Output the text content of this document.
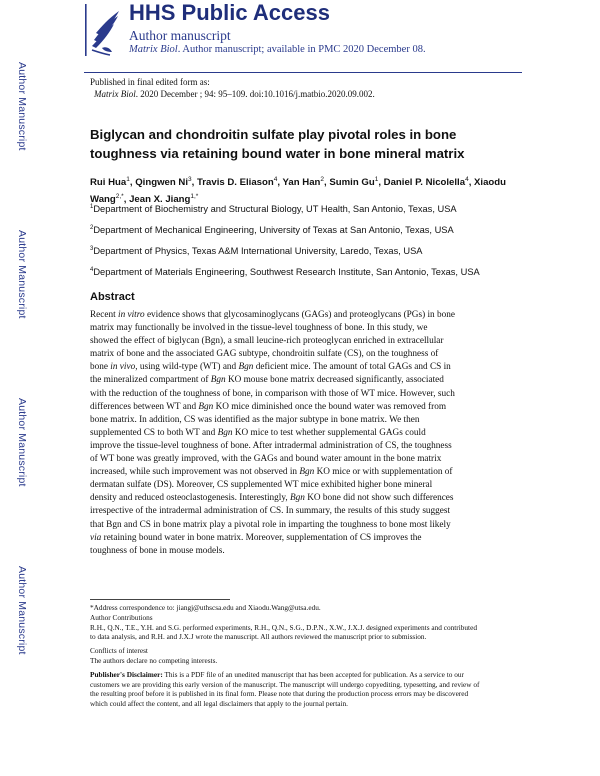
Author Manuscript
Author Manuscript
Author Manuscript
Author Manuscript
HHS Public Access
Author manuscript
Matrix Biol. Author manuscript; available in PMC 2020 December 08.
Published in final edited form as:
Matrix Biol. 2020 December ; 94: 95–109. doi:10.1016/j.matbio.2020.09.002.
Biglycan and chondroitin sulfate play pivotal roles in bone toughness via retaining bound water in bone mineral matrix
Rui Hua$^1$, Qingwen Ni$^3$, Travis D. Eliason$^4$, Yan Han$^2$, Sumin Gu$^1$, Daniel P. Nicolella$^4$, Xiaodu Wang$^{2,*}$, Jean X. Jiang$^{1,*}$
$^1$Department of Biochemistry and Structural Biology, UT Health, San Antonio, Texas, USA
$^2$Department of Mechanical Engineering, University of Texas at San Antonio, Texas, USA
$^3$Department of Physics, Texas A&M International University, Laredo, Texas, USA
$^4$Department of Materials Engineering, Southwest Research Institute, San Antonio, Texas, USA
Abstract
Recent in vitro evidence shows that glycosaminoglycans (GAGs) and proteoglycans (PGs) in bone
matrix may functionally be involved in the tissue-level toughness of bone. In this study, we
showed the effect of biglycan (Bgn), a small leucine-rich proteoglycan enriched in extracellular
matrix of bone and the associated GAG subtype, chondroitin sulfate (CS), on the toughness of
bone in vivo, using wild-type (WT) and Bgn deficient mice. The amount of total GAGs and CS in
the mineralized compartment of Bgn KO mouse bone matrix decreased significantly, associated
with the reduction of the toughness of bone, in comparison with those of WT mice. However, such
differences between WT and Bgn KO mice diminished once the bound water was removed from
bone matrix. In addition, CS was identified as the major subtype in bone matrix. We then
supplemented CS to both WT and Bgn KO mice to test whether supplemental GAGs could
improve the tissue-level toughness of bone. After intradermal administration of CS, the toughness
of WT bone was greatly improved, with the GAGs and bound water amount in the bone matrix
increased, while such improvement was not observed in Bgn KO mice or with supplementation of
dermatan sulfate (DS). Moreover, CS supplemented WT mice exhibited higher bone mineral
density and reduced osteoclastogenesis. Interestingly, Bgn KO bone did not show such differences
irrespective of the intradermal administration of CS. In summary, the results of this study suggest
that Bgn and CS in bone matrix play a pivotal role in imparting the toughness to bone most likely
via retaining bound water in bone matrix. Moreover, supplementation of CS improves the
toughness of bone in mouse models.
*Address correspondence to: jiangj@uthscsa.edu and Xiaodu.Wang@utsa.edu.
Author Contributions
R.H., Q.N., T.E., Y.H. and S.G. performed experiments, R.H., Q.N., S.G., D.P.N., X.W., J.X.J. designed experiments and contributed
to data analysis, and R.H. and J.X.J wrote the manuscript. All authors reviewed the manuscript prior to submission.
Conflicts of interest
The authors declare no competing interests.
Publisher's Disclaimer: This is a PDF file of an unedited manuscript that has been accepted for publication. As a service to our
customers we are providing this early version of the manuscript. The manuscript will undergo copyediting, typesetting, and review of
the resulting proof before it is published in its final form. Please note that during the production process errors may be discovered
which could affect the content, and all legal disclaimers that apply to the journal pertain.
